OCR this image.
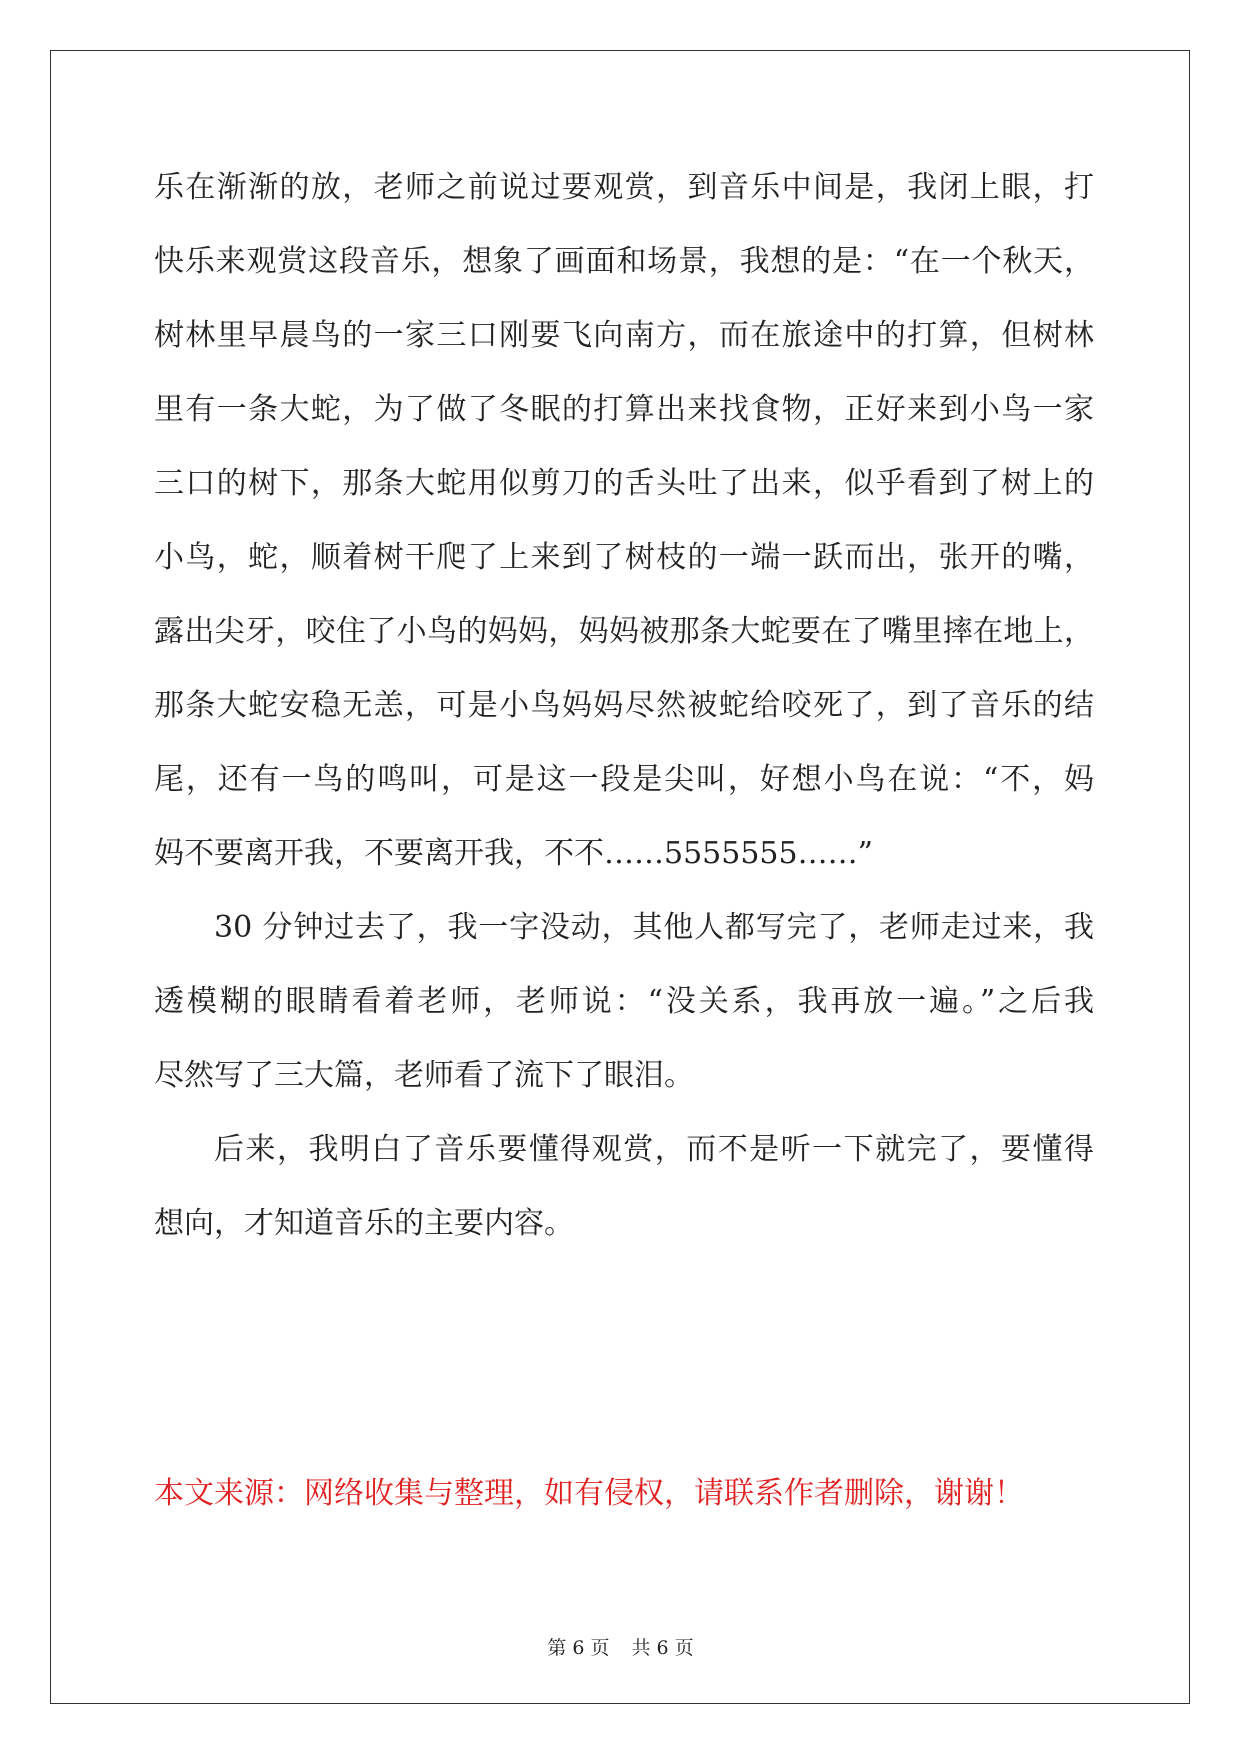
乐在渐渐的放，老师之前说过要观赏，到音乐中间是，我闭上眼，打
快乐来观赏这段音乐，想象了画面和场景，我想的是：“在一个秋天，
树林里早晨鸟的一家三口刚要飞向南方，而在旅途中的打算，但树林
里有一条大蛇，为了做了冬眠的打算出来找食物，正好来到小鸟一家
三口的树下，那条大蛇用似剪刀的舌头吐了出来，似乎看到了树上的
小鸟，蛇，顺着树干爬了上来到了树枝的一端一跃而出，张开的嘴，
露出尖牙，咬住了小鸟的妈妈，妈妈被那条大蛇要在了嘴里摔在地上，
那条大蛇安稳无恙，可是小鸟妈妈尽然被蛇给咬死了，到了音乐的结
尾，还有一鸟的鸣叫，可是这一段是尖叫，好想小鸟在说：“不，妈
妈不要离开我，不要离开我，不不……5555555……”
30 分钟过去了，我一字没动，其他人都写完了，老师走过来，我
透模糊的眼睛看着老师，老师说：“没关系，我再放一遍。”之后我
尽然写了三大篇，老师看了流下了眼泪。
后来，我明白了音乐要懂得观赏，而不是听一下就完了，要懂得
想向，才知道音乐的主要内容。
本文来源：网络收集与整理，如有侵权，请联系作者删除，谢谢！
第 6 页 共 6 页
